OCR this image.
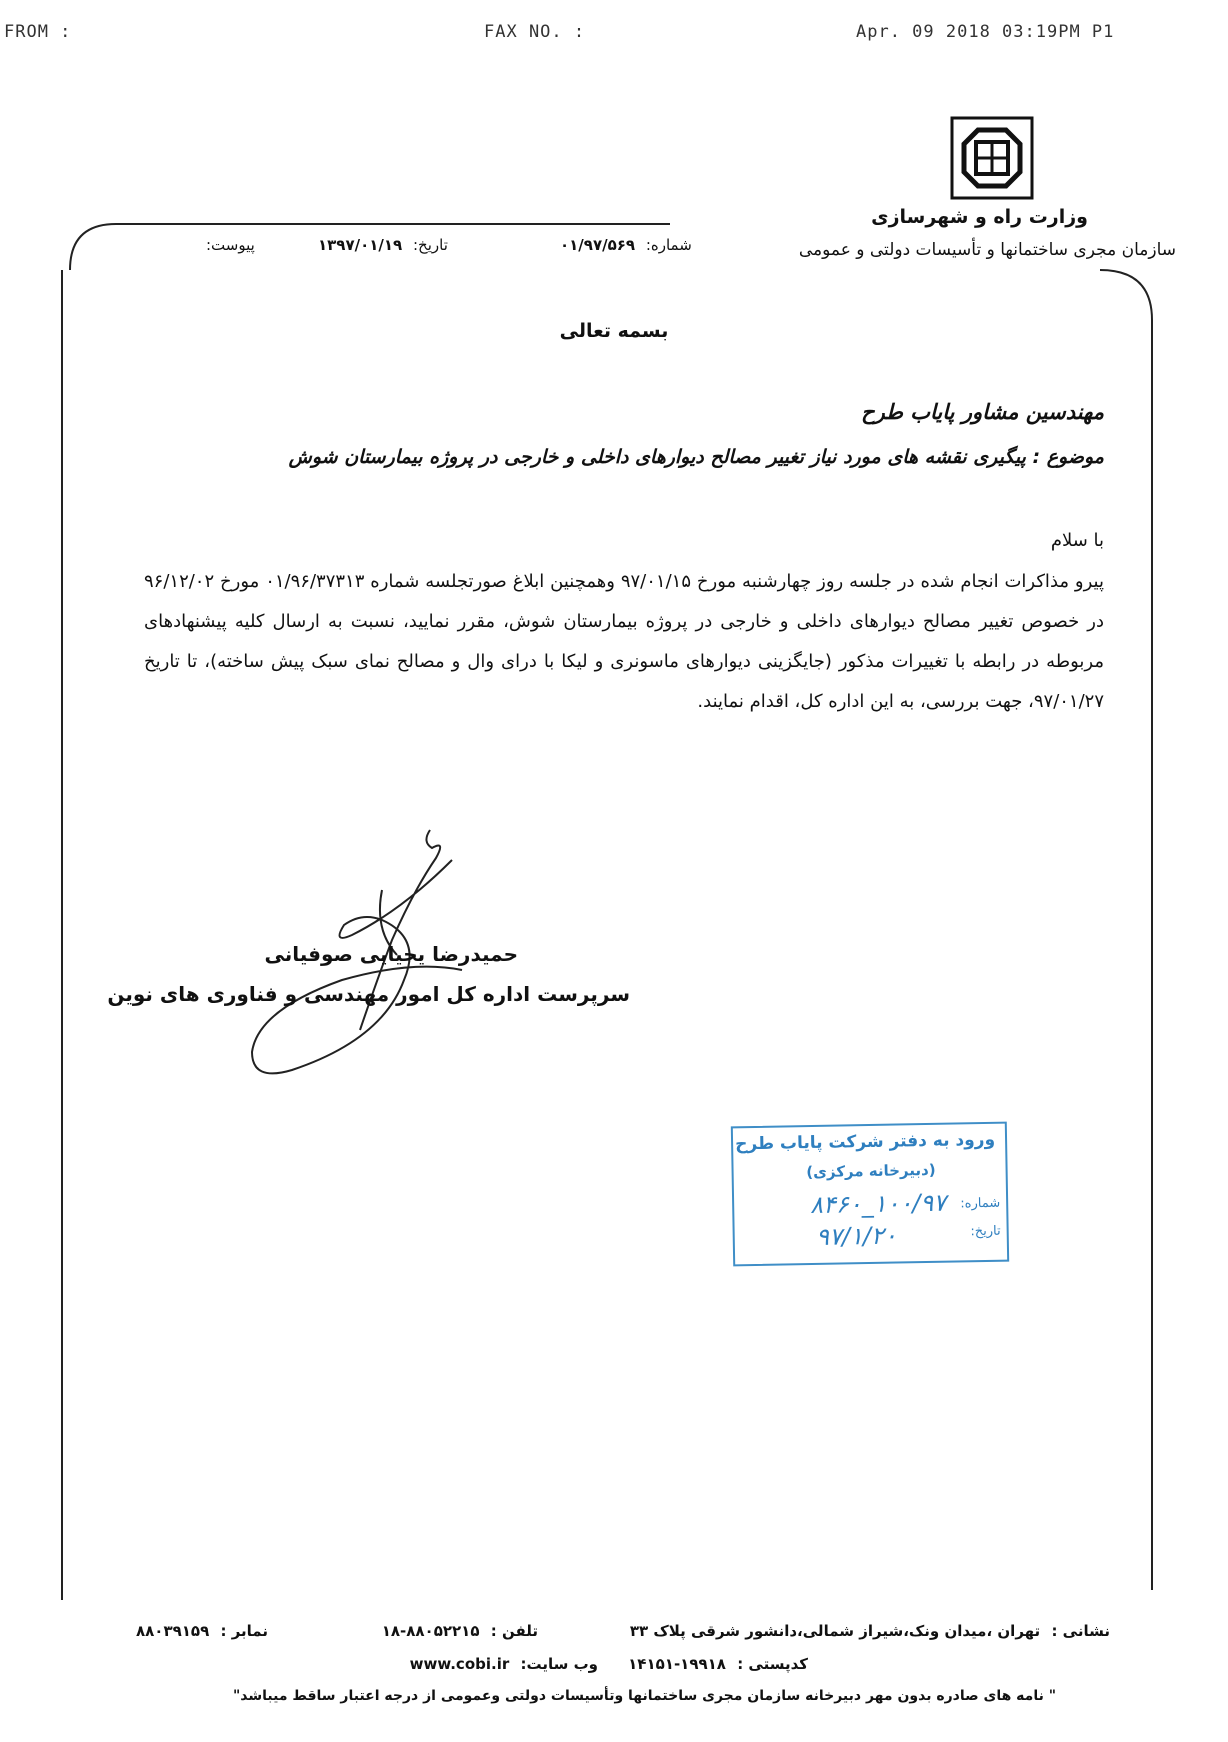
FROM :	FAX NO. :	Apr. 09 2018 03:19PM P1
وزارت راه و شهرسازی
سازمان مجری ساختمانها و تأسیسات دولتی و عمومی
شماره: ۰۱/۹۷/۵۶۹
تاریخ: ۱۳۹۷/۰۱/۱۹
پیوست:
بسمه تعالی
مهندسین مشاور پایاب طرح
موضوع : پیگیری نقشه های مورد نیاز تغییر مصالح دیوارهای داخلی و خارجی در پروژه بیمارستان شوش
با سلام
پیرو مذاکرات انجام شده در جلسه روز چهارشنبه مورخ ۹۷/۰۱/۱۵ وهمچنین ابلاغ صورتجلسه شماره ۰۱/۹۶/۳۷۳۱۳ مورخ ۹۶/۱۲/۰۲ در خصوص تغییر مصالح دیوارهای داخلی و خارجی در پروژه بیمارستان شوش، مقرر نمایید، نسبت به ارسال کلیه پیشنهادهای مربوطه در رابطه با تغییرات مذکور (جایگزینی دیوارهای ماسونری و لیکا با درای وال و مصالح نمای سبک پیش ساخته)، تا تاریخ ۹۷/۰۱/۲۷، جهت بررسی، به این اداره کل، اقدام نمایند.
حمیدرضا یحیایی صوفیانی
سرپرست اداره کل امور مهندسی و فناوری های نوین
ورود به دفتر شرکت پایاب طرح
(دبیرخانه مرکزی)
شماره:
۱۰۰/۹۷_۸۴۶۰
تاریخ:
۹۷/۱/۲۰
نشانی : تهران ،میدان ونک،شیراز شمالی،دانشور شرقی پلاک ۳۳
تلفن : ۸۸۰۵۲۲۱۵-۱۸
نمابر : ۸۸۰۳۹۱۵۹
کدپستی : ۱۹۹۱۸-۱۴۱۵۱
وب سایت: www.cobi.ir
" نامه های صادره بدون مهر دبیرخانه سازمان مجری ساختمانها وتأسیسات دولتی وعمومی از درجه اعتبار ساقط میباشد"
